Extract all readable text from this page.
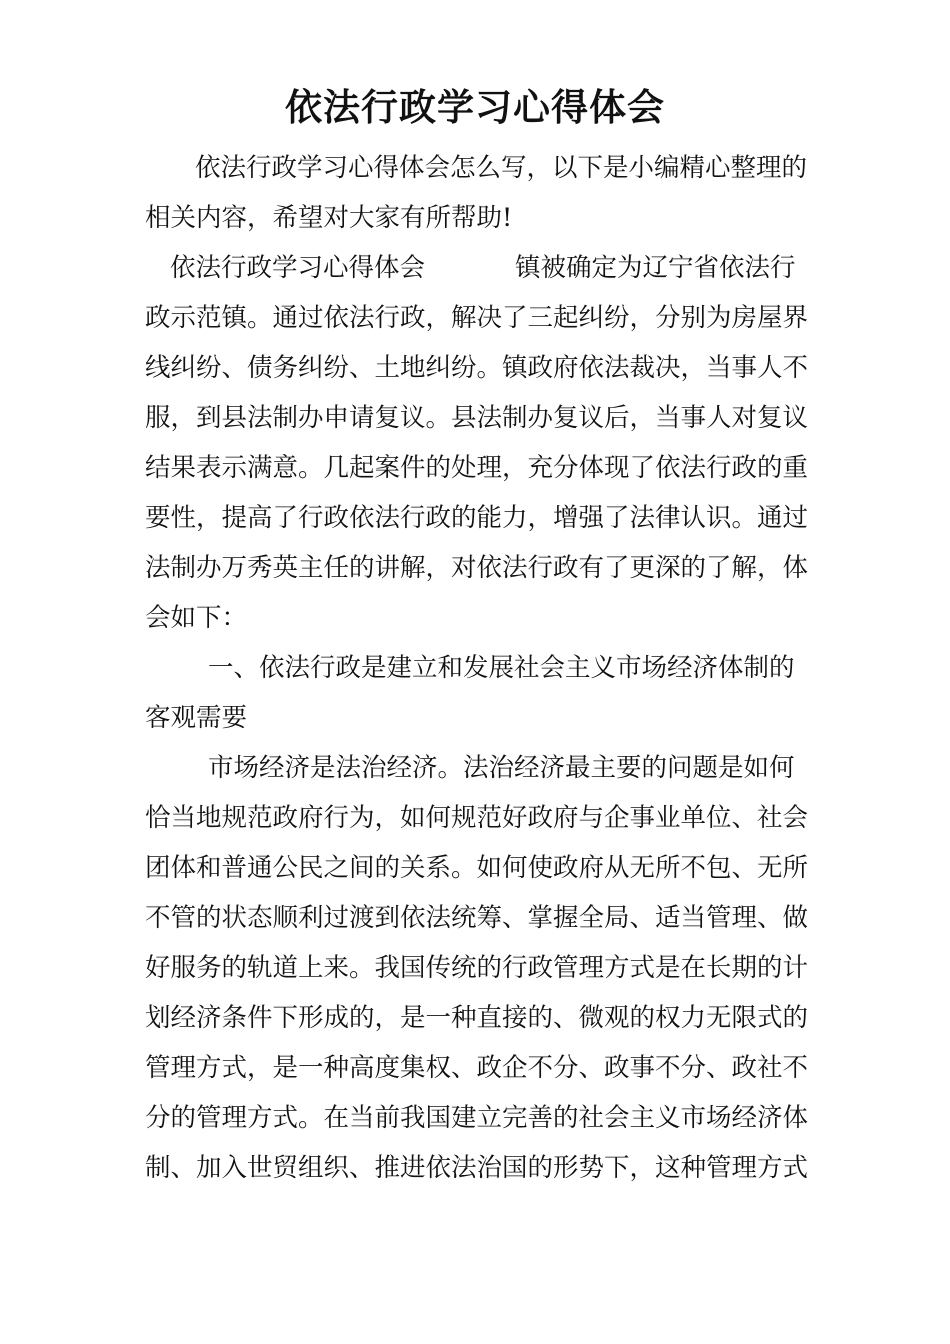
依法行政学习心得体会
依法行政学习心得体会怎么写，以下是小编精心整理的
相关内容，希望对大家有所帮助!
依法行政学习心得体会	镇被确定为辽宁省依法行
政示范镇。通过依法行政，解决了三起纠纷，分别为房屋界
线纠纷、债务纠纷、土地纠纷。镇政府依法裁决，当事人不
服，到县法制办申请复议。县法制办复议后，当事人对复议
结果表示满意。几起案件的处理，充分体现了依法行政的重
要性，提高了行政依法行政的能力，增强了法律认识。通过
法制办万秀英主任的讲解，对依法行政有了更深的了解，体
会如下：
一、依法行政是建立和发展社会主义市场经济体制的
客观需要
市场经济是法治经济。法治经济最主要的问题是如何
恰当地规范政府行为，如何规范好政府与企事业单位、社会
团体和普通公民之间的关系。如何使政府从无所不包、无所
不管的状态顺利过渡到依法统筹、掌握全局、适当管理、做
好服务的轨道上来。我国传统的行政管理方式是在长期的计
划经济条件下形成的，是一种直接的、微观的权力无限式的
管理方式，是一种高度集权、政企不分、政事不分、政社不
分的管理方式。在当前我国建立完善的社会主义市场经济体
制、加入世贸组织、推进依法治国的形势下，这种管理方式
